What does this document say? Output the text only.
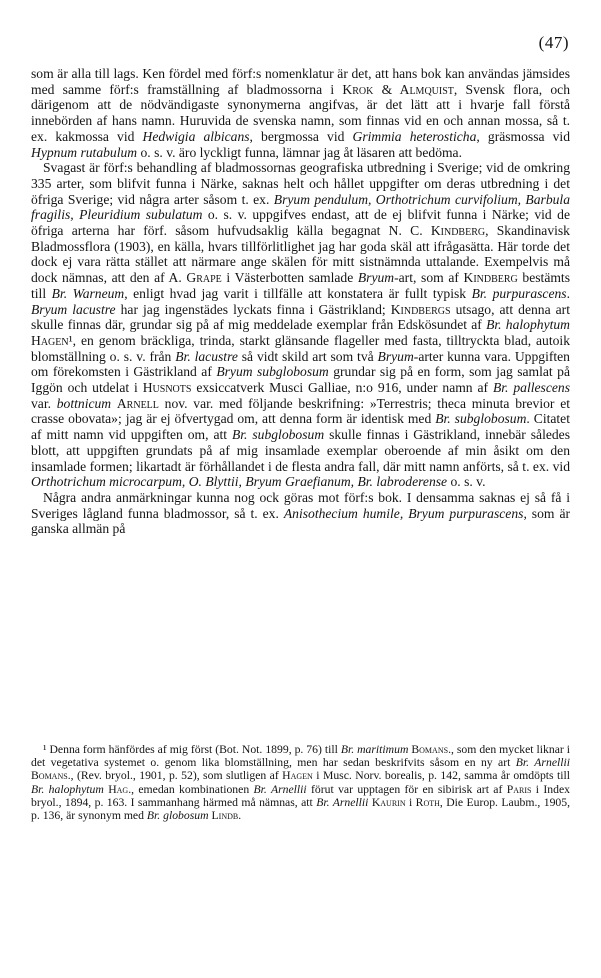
(47)

som är alla till lags. Ken fördel med förf:s nomenklatur är det, att hans bok kan användas jämsides med samme förf:s framställning af bladmossorna i Krok & Almquist, Svensk flora, och därigenom att de nödvändigaste synonymerna angifvas, är det lätt att i hvarje fall förstå innebörden af hans namn. Huruvida de svenska namn, som finnas vid en och annan mossa, så t. ex. kakmossa vid Hedwigia albicans, bergmossa vid Grimmia heterosticha, gräsmossa vid Hypnum rutabulum o. s. v. äro lyckligt funna, lämnar jag åt läsaren att bedöma.

Svagast är förf:s behandling af bladmossornas geografiska utbredning i Sverige; vid de omkring 335 arter, som blifvit funna i Närke, saknas helt och hållet uppgifter om deras utbredning i det öfriga Sverige; vid några arter såsom t. ex. Bryum pendulum, Orthotrichum curvifolium, Barbula fragilis, Pleuridium subulatum o. s. v. uppgifves endast, att de ej blifvit funna i Närke; vid de öfriga arterna har förf. såsom hufvudsaklig källa begagnat N. C. Kindberg, Skandinavisk Bladmossflora (1903), en källa, hvars tillförlitlighet jag har goda skäl att ifrågasätta. Här torde det dock ej vara rätta stället att närmare ange skälen för mitt sistnämnda uttalande. Exempelvis må dock nämnas, att den af A. Grape i Västerbotten samlade Bryum-art, som af Kindberg bestämts till Br. Warneum, enligt hvad jag varit i tillfälle att konstatera är fullt typisk Br. purpurascens. Bryum lacustre har jag ingenstädes lyckats finna i Gästrikland; Kindbergs utsago, att denna art skulle finnas där, grundar sig på af mig meddelade exemplar från Edskösundet af Br. halophytum Hagen¹, en genom bräckliga, trinda, starkt glänsande flageller med fasta, tilltryckta blad, autoik blomställning o. s. v. från Br. lacustre så vidt skild art som två Bryum-arter kunna vara. Uppgiften om förekomsten i Gästrikland af Bryum subglobosum grundar sig på en form, som jag samlat på Iggön och utdelat i Husnots exsiccatverk Musci Galliae, n:o 916, under namn af Br. pallescens var. bottnicum Arnell nov. var. med följande beskrifning: »Terrestris; theca minuta brevior et crasse obovata»; jag är ej öfvertygad om, att denna form är identisk med Br. subglobosum. Citatet af mitt namn vid uppgiften om, att Br. subglobosum skulle finnas i Gästrikland, innebär således blott, att uppgiften grundats på af mig insamlade exemplar oberoende af min åsikt om den insamlade formen; likartadt är förhållandet i de flesta andra fall, där mitt namn anförts, så t. ex. vid Orthotrichum microcarpum, O. Blyttii, Bryum Graefianum, Br. labroderense o. s. v.

Några andra anmärkningar kunna nog ock göras mot förf:s bok. I densamma saknas ej så få i Sveriges lågland funna bladmossor, så t. ex. Anisothecium humile, Bryum purpurascens, som är ganska allmän på

¹ Denna form hänfördes af mig först (Bot. Not. 1899, p. 76) till Br. maritimum Bomans., som den mycket liknar i det vegetativa systemet o. genom lika blomställning, men har sedan beskrifvits såsom en ny art Br. Arnellii Bomans., (Rev. bryol., 1901, p. 52), som slutligen af Hagen i Musc. Norv. borealis, p. 142, samma år omdöpts till Br. halophytum Hag., emedan kombinationen Br. Arnellii förut var upptagen för en sibirisk art af Paris i Index bryol., 1894, p. 163. I sammanhang härmed må nämnas, att Br. Arnellii Kaurin i Roth, Die Europ. Laubm., 1905, p. 136, är synonym med Br. globosum Lindb.
